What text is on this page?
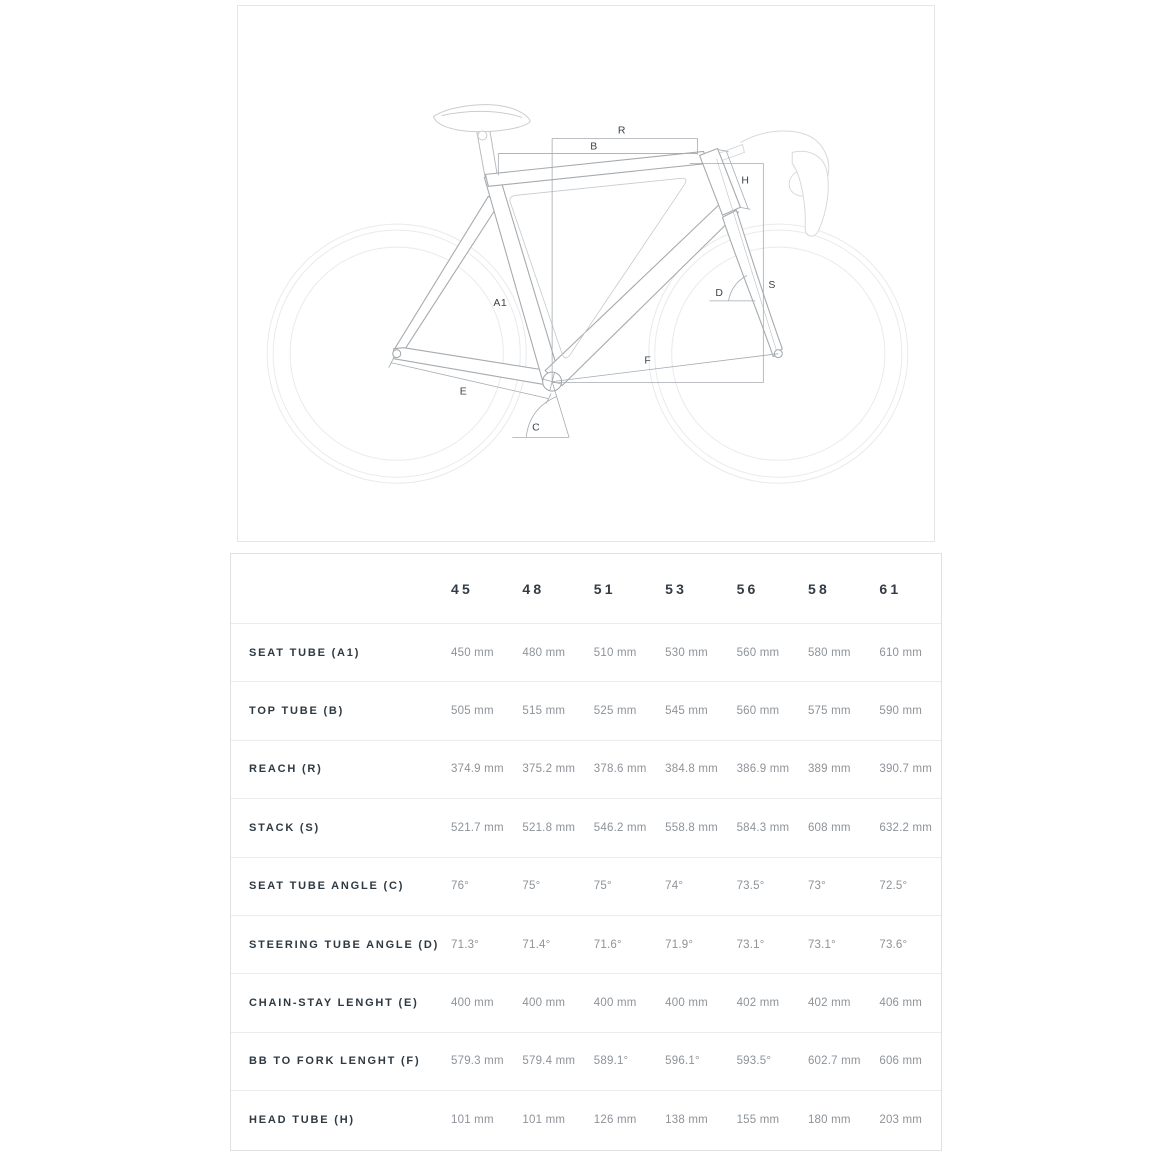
R
B
H
A1
D
S
F
E
C
45	48	51	53	56	58	61
SEAT TUBE (A1)	450 mm	480 mm	510 mm	530 mm	560 mm	580 mm	610 mm
TOP TUBE (B)	505 mm	515 mm	525 mm	545 mm	560 mm	575 mm	590 mm
REACH (R)	374.9 mm	375.2 mm	378.6 mm	384.8 mm	386.9 mm	389 mm	390.7 mm
STACK (S)	521.7 mm	521.8 mm	546.2 mm	558.8 mm	584.3 mm	608 mm	632.2 mm
SEAT TUBE ANGLE (C)	76°	75°	75°	74°	73.5°	73°	72.5°
STEERING TUBE ANGLE (D)	71.3°	71.4°	71.6°	71.9°	73.1°	73.1°	73.6°
CHAIN-STAY LENGHT (E)	400 mm	400 mm	400 mm	400 mm	402 mm	402 mm	406 mm
BB TO FORK LENGHT (F)	579.3 mm	579.4 mm	589.1°	596.1°	593.5°	602.7 mm	606 mm
HEAD TUBE (H)	101 mm	101 mm	126 mm	138 mm	155 mm	180 mm	203 mm
